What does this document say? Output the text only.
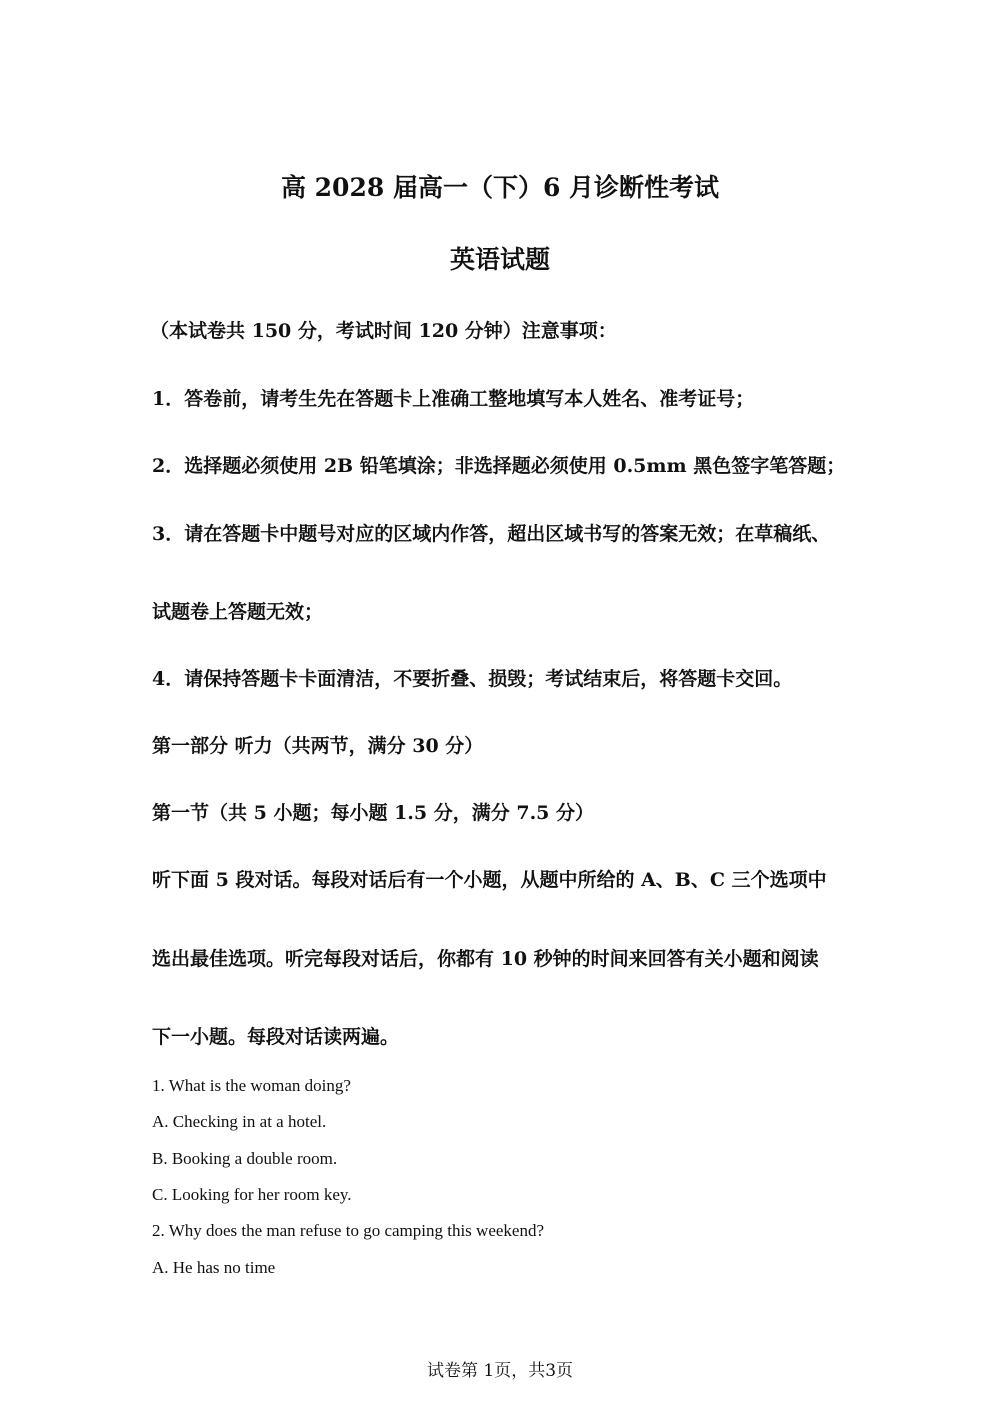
高 2028 届高一（下）6 月诊断性考试
英语试题
（本试卷共 150 分，考试时间 120 分钟）注意事项：
1．答卷前，请考生先在答题卡上准确工整地填写本人姓名、准考证号；
2．选择题必须使用 2B 铅笔填涂；非选择题必须使用 0.5mm 黑色签字笔答题；
3．请在答题卡中题号对应的区域内作答，超出区域书写的答案无效；在草稿纸、
试题卷上答题无效；
4．请保持答题卡卡面清洁，不要折叠、损毁；考试结束后，将答题卡交回。
第一部分 听力（共两节，满分 30 分）
第一节（共 5 小题；每小题 1.5 分，满分 7.5 分）
听下面 5 段对话。每段对话后有一个小题，从题中所给的 A、B、C 三个选项中
选出最佳选项。听完每段对话后，你都有 10 秒钟的时间来回答有关小题和阅读
下一小题。每段对话读两遍。
1. What is the woman doing?
A. Checking in at a hotel.
B. Booking a double room.
C. Looking for her room key.
2. Why does the man refuse to go camping this weekend?
A. He has no time
试卷第 1页，共3页
